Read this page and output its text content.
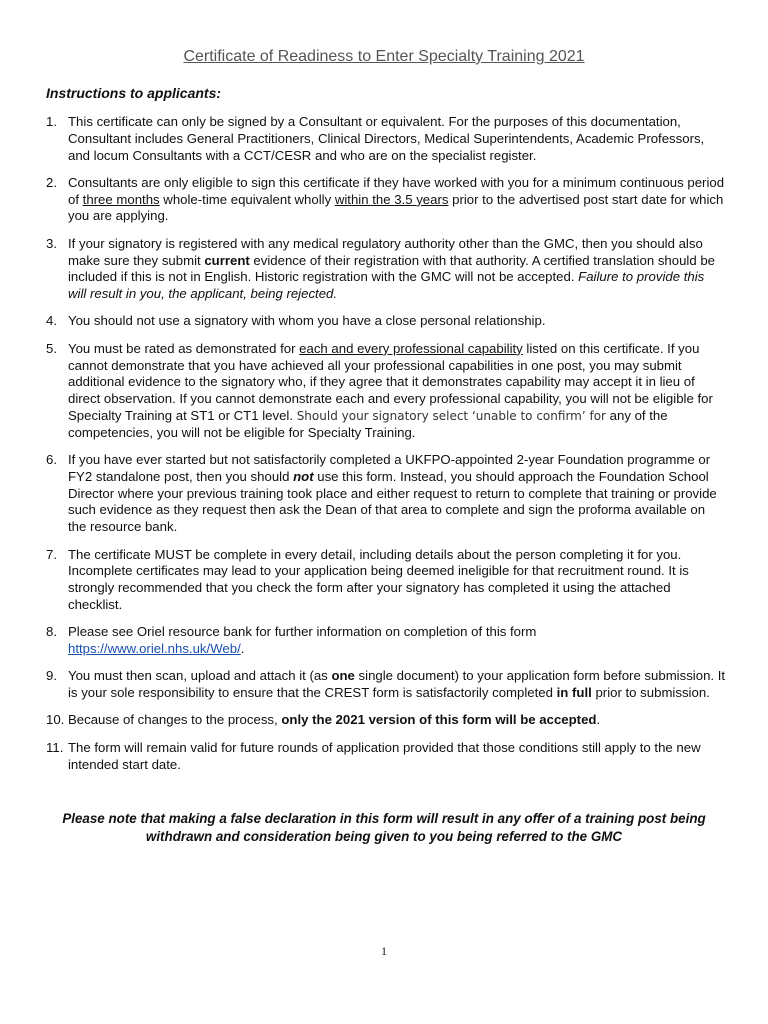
Certificate of Readiness to Enter Specialty Training 2021
Instructions to applicants:
1. This certificate can only be signed by a Consultant or equivalent. For the purposes of this documentation, Consultant includes General Practitioners, Clinical Directors, Medical Superintendents, Academic Professors, and locum Consultants with a CCT/CESR and who are on the specialist register.
2. Consultants are only eligible to sign this certificate if they have worked with you for a minimum continuous period of three months whole-time equivalent wholly within the 3.5 years prior to the advertised post start date for which you are applying.
3. If your signatory is registered with any medical regulatory authority other than the GMC, then you should also make sure they submit current evidence of their registration with that authority. A certified translation should be included if this is not in English. Historic registration with the GMC will not be accepted. Failure to provide this will result in you, the applicant, being rejected.
4. You should not use a signatory with whom you have a close personal relationship.
5. You must be rated as demonstrated for each and every professional capability listed on this certificate. If you cannot demonstrate that you have achieved all your professional capabilities in one post, you may submit additional evidence to the signatory who, if they agree that it demonstrates capability may accept it in lieu of direct observation. If you cannot demonstrate each and every professional capability, you will not be eligible for Specialty Training at ST1 or CT1 level. Should your signatory select ‘unable to confirm’ for any of the competencies, you will not be eligible for Specialty Training.
6. If you have ever started but not satisfactorily completed a UKFPO-appointed 2-year Foundation programme or FY2 standalone post, then you should not use this form. Instead, you should approach the Foundation School Director where your previous training took place and either request to return to complete that training or provide such evidence as they request then ask the Dean of that area to complete and sign the proforma available on the resource bank.
7. The certificate MUST be complete in every detail, including details about the person completing it for you. Incomplete certificates may lead to your application being deemed ineligible for that recruitment round. It is strongly recommended that you check the form after your signatory has completed it using the attached checklist.
8. Please see Oriel resource bank for further information on completion of this form
https://www.oriel.nhs.uk/Web/.
9. You must then scan, upload and attach it (as one single document) to your application form before submission. It is your sole responsibility to ensure that the CREST form is satisfactorily completed in full prior to submission.
10. Because of changes to the process, only the 2021 version of this form will be accepted.
11. The form will remain valid for future rounds of application provided that those conditions still apply to the new intended start date.
Please note that making a false declaration in this form will result in any offer of a training post being withdrawn and consideration being given to you being referred to the GMC
1
